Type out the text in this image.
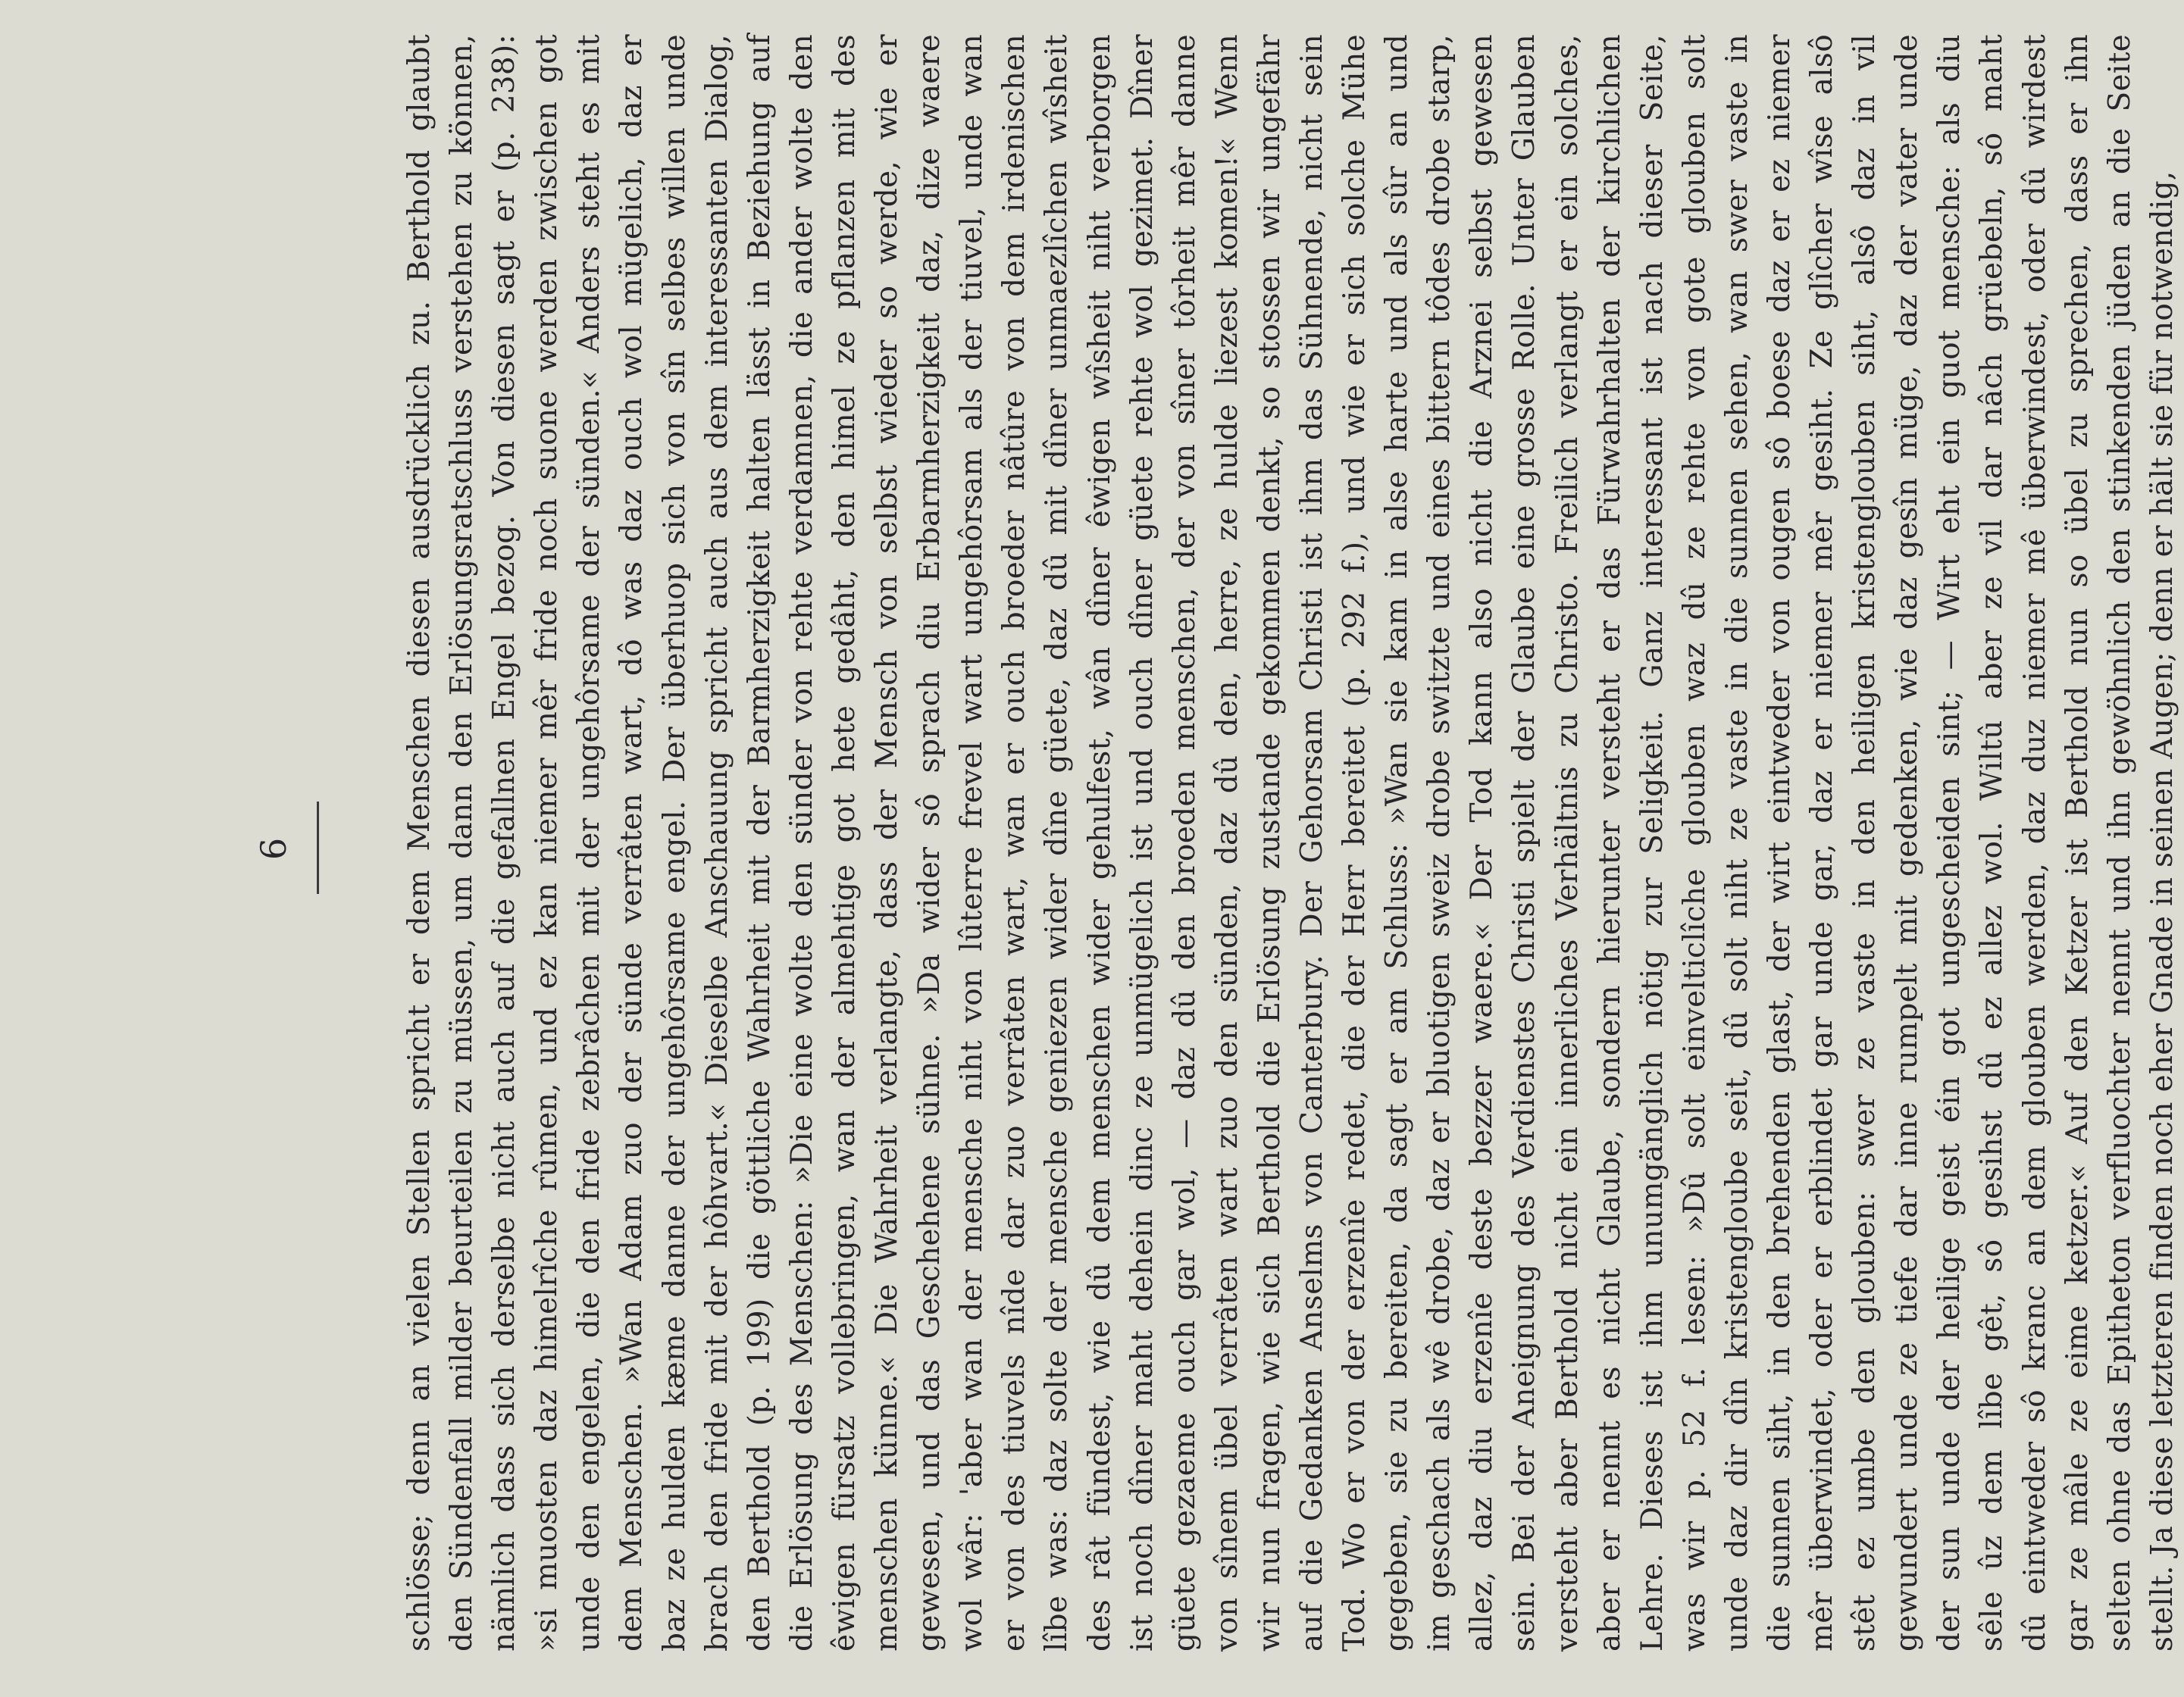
6	schlösse; denn an vielen Stellen spricht er dem Menschen diesen ausdrücklich zu. Berthold glaubt den Sündenfall milder beurteilen zu müssen, um dann den Erlösungsratschluss verstehen zu können, nämlich dass sich derselbe nicht auch auf die gefallnen Engel bezog. Von diesen sagt er (p. 238): »si muosten daz himelrîche rûmen, und ez kan niemer mêr fride noch suone werden zwischen got unde den engelen, die den fride zebrâchen mit der ungehôrsame der sünden.« Anders steht es mit dem Menschen. »Wan Adam zuo der sünde verrâten wart, dô was daz ouch wol mügelich, daz er baz ze hulden kæme danne der ungehôrsame engel. Der überhuop sich von sîn selbes willen unde brach den fride mit der hôhvart.« Dieselbe Anschauung spricht auch aus dem interessanten Dialog, den Berthold (p. 199) die göttliche Wahrheit mit der Barmherzigkeit halten lässt in Beziehung auf die Erlösung des Menschen: »Die eine wolte den sünder von rehte verdamnen, die ander wolte den êwigen fürsatz vollebringen, wan der almehtige got hete gedâht, den himel ze pflanzen mit des menschen künne.« Die Wahrheit verlangte, dass der Mensch von selbst wieder so werde, wie er gewesen, und das Geschehene sühne. »Da wider sô sprach diu Erbarmherzigkeit daz, dize waere wol wâr: 'aber wan der mensche niht von lûterre frevel wart ungehôrsam als der tiuvel, unde wan er von des tiuvels nîde dar zuo verrâten wart, wan er ouch broeder nâtûre von dem irdenischen lîbe was: daz solte der mensche geniezen wider dîne güete, daz dû mit dîner unmaezlîchen wîsheit des rât fündest, wie dû dem menschen wider gehulfest, wân dîner êwigen wîsheit niht verborgen ist noch dîner maht dehein dinc ze unmügelich ist und ouch dîner güete rehte wol gezimet. Dîner güete gezaeme ouch gar wol, — daz dû den broeden menschen, der von sîner tôrheit mêr danne von sînem übel verrâten wart zuo den sünden, daz dû den, herre, ze hulde liezest komen!« Wenn wir nun fragen, wie sich Berthold die Erlösung zustande gekommen denkt, so stossen wir ungefähr auf die Gedanken Anselms von Canterbury. Der Gehorsam Christi ist ihm das Sühnende, nicht sein Tod. Wo er von der erzenîe redet, die der Herr bereitet (p. 292 f.), und wie er sich solche Mühe gegeben, sie zu bereiten, da sagt er am Schluss: »Wan sie kam in alse harte und als sûr an und im geschach als wê drobe, daz er bluotigen sweiz drobe switzte und eines bittern tôdes drobe starp, allez, daz diu erzenîe deste bezzer waere.« Der Tod kann also nicht die Arznei selbst gewesen sein. Bei der Aneignung des Verdienstes Christi spielt der Glaube eine grosse Rolle. Unter Glauben versteht aber Berthold nicht ein innerliches Verhältnis zu Christo. Freilich verlangt er ein solches, aber er nennt es nicht Glaube, sondern hierunter versteht er das Fürwahrhalten der kirchlichen Lehre. Dieses ist ihm unumgänglich nötig zur Seligkeit. Ganz interessant ist nach dieser Seite, was wir p. 52 f. lesen: »Dû solt einvelticlîche glouben waz dû ze rehte von gote glouben solt unde daz dir dîn kristengloube seit, dû solt niht ze vaste in die sunnen sehen, wan swer vaste in die sunnen siht, in den brehenden glast, der wirt eintweder von ougen sô boese daz er ez niemer mêr überwindet, oder er erblindet gar unde gar, daz er niemer mêr gesiht. Ze glîcher wîse alsô stêt ez umbe den glouben: swer ze vaste in den heiligen kristenglouben siht, alsô daz in vil gewundert unde ze tiefe dar inne rumpelt mit gedenken, wie daz gesîn müge, daz der vater unde der sun unde der heilige geist éin got ungescheiden sint; — Wirt eht ein guot mensche: als diu sêle ûz dem lîbe gêt, sô gesihst dû ez allez wol. Wiltû aber ze vil dar nâch grüebeln, sô maht dû eintweder sô kranc an dem glouben werden, daz duz niemer mê überwindest, oder dû wirdest gar ze mâle ze eime ketzer.« Auf den Ketzer ist Berthold nun so übel zu sprechen, dass er ihn selten ohne das Epitheton verfluochter nennt und ihn gewöhnlich den stinkenden jüden an die Seite stellt. Ja diese letzteren finden noch eher Gnade in seinen Augen; denn er hält sie für notwendig,
